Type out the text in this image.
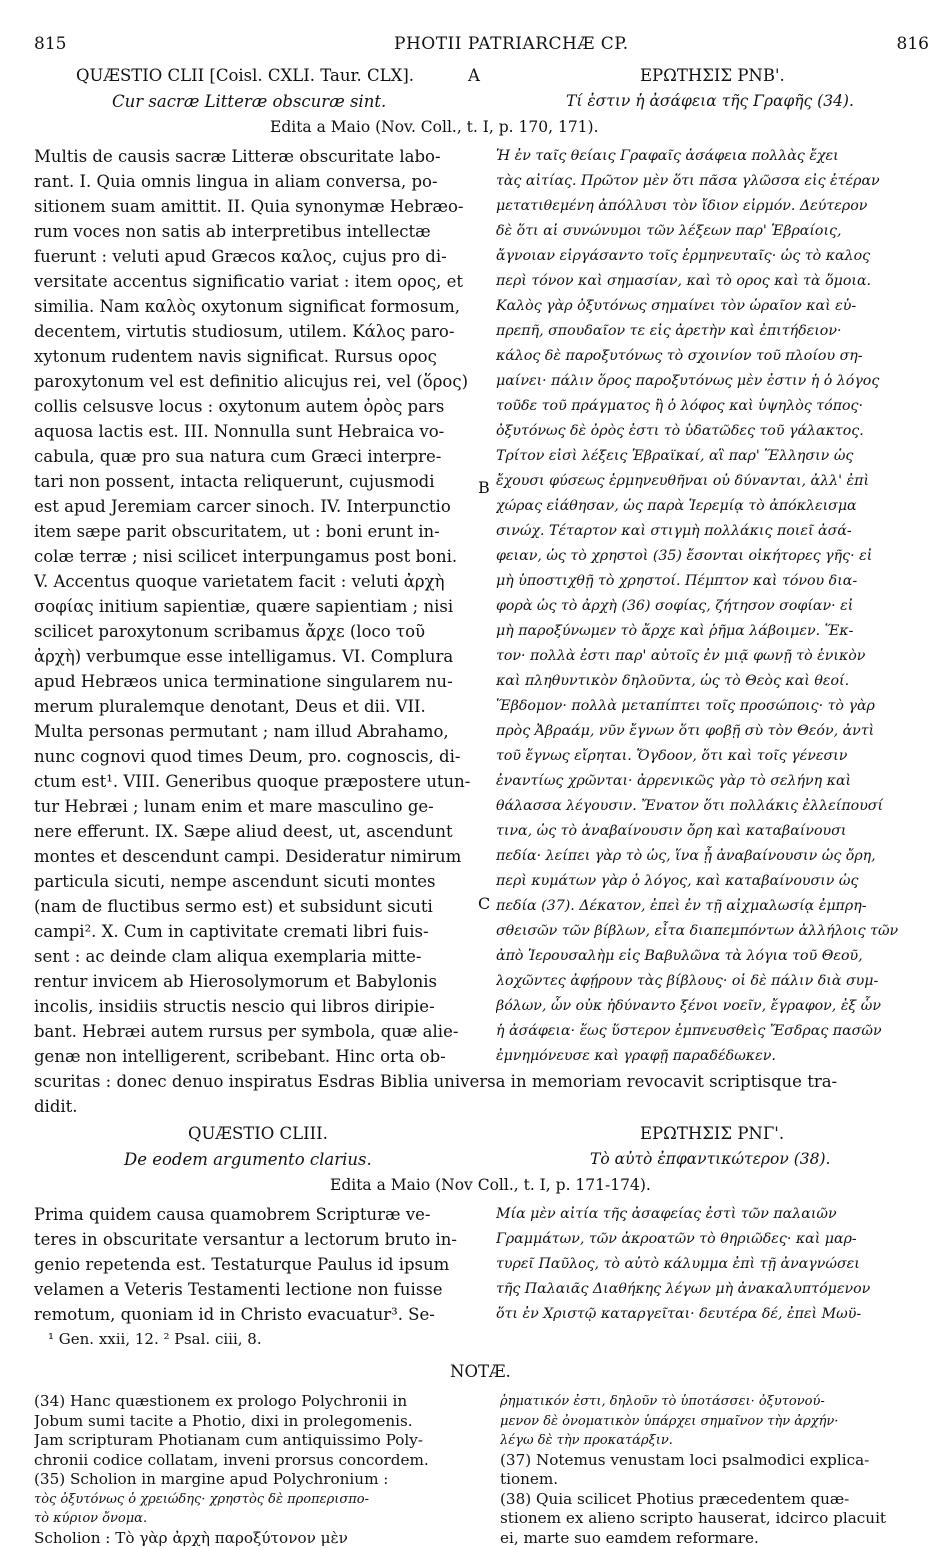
815	PHOTII PATRIARCHÆ CP.	816
QUÆSTIO CLII [Coisl. CXLI. Taur. CLX].	A	ΕΡΩΤΗΣΙΣ ΡΝΒ'.
Cur sacræ Litteræ obscuræ sint.	Τί ἐστιν ἡ ἀσάφεια τῆς Γραφῆς (34).
Edita a Maio (Nov. Coll., t. I, p. 170, 171).
Multis de causis sacræ Litteræ obscuritate labo-
rant. I. Quia omnis lingua in aliam conversa, po-
sitionem suam amittit. II. Quia synonymæ Hebræo-
rum voces non satis ab interpretibus intellectæ
fuerunt : veluti apud Græcos καλος, cujus pro di-
versitate accentus significatio variat : item ορος, et
similia. Nam καλὸς oxytonum significat formosum,
decentem, virtutis studiosum, utilem. Κάλος paro-
xytonum rudentem navis significat. Rursus ορος
paroxytonum vel est definitio alicujus rei, vel (ὅρος)
collis celsusve locus : oxytonum autem ὀρὸς pars
aquosa lactis est. III. Nonnulla sunt Hebraica vo-
cabula, quæ pro sua natura cum Græci interpre-
tari non possent, intacta reliquerunt, cujusmodi
est apud Jeremiam carcer sinoch. IV. Interpunctio
item sæpe parit obscuritatem, ut : boni erunt in-
colæ terræ ; nisi scilicet interpungamus post boni.
V. Accentus quoque varietatem facit : veluti ἀρχὴ
σοφίας initium sapientiæ, quære sapientiam ; nisi
scilicet paroxytonum scribamus ἄρχε (loco τοῦ
ἀρχὴ) verbumque esse intelligamus. VI. Complura
apud Hebræos unica terminatione singularem nu-
merum pluralemque denotant, Deus et dii. VII.
Multa personas permutant ; nam illud Abrahamo,
nunc cognovi quod times Deum, pro. cognoscis, di-
ctum est¹. VIII. Generibus quoque præpostere utun-
tur Hebræi ; lunam enim et mare masculino ge-
nere efferunt. IX. Sæpe aliud deest, ut, ascendunt
montes et descendunt campi. Desideratur nimirum
particula sicuti, nempe ascendunt sicuti montes
(nam de fluctibus sermo est) et subsidunt sicuti
campi². X. Cum in captivitate cremati libri fuis-
sent : ac deinde clam aliqua exemplaria mitte-
rentur invicem ab Hierosolymorum et Babylonis
incolis, insidiis structis nescio qui libros diripie-
bant. Hebræi autem rursus per symbola, quæ alie-
genæ non intelligerent, scribebant. Hinc orta ob-
Ἡ ἐν ταῖς θείαις Γραφαῖς ἀσάφεια πολλὰς ἔχει
τὰς αἰτίας. Πρῶτον μὲν ὅτι πᾶσα γλῶσσα εἰς ἑτέραν
μετατιθεμένη ἀπόλλυσι τὸν ἴδιον εἱρμόν. Δεύτερον
δὲ ὅτι αἱ συνώνυμοι τῶν λέξεων παρ' Ἑβραίοις,
ἄγνοιαν εἰργάσαντο τοῖς ἑρμηνευταῖς· ὡς τὸ καλος
περὶ τόνον καὶ σημασίαν, καὶ τὸ ορος καὶ τὰ ὅμοια.
Καλὸς γὰρ ὀξυτόνως σημαίνει τὸν ὡραῖον καὶ εὐ-
πρεπῆ, σπουδαῖον τε εἰς ἀρετὴν καὶ ἐπιτήδειον·
κάλος δὲ παροξυτόνως τὸ σχοινίον τοῦ πλοίου ση-
μαίνει· πάλιν ὅρος παροξυτόνως μὲν ἐστιν ἡ ὁ λόγος
τοῦδε τοῦ πράγματος ἢ ὁ λόφος καὶ ὑψηλὸς τόπος·
ὀξυτόνως δὲ ὀρὸς ἐστι τὸ ὑδατῶδες τοῦ γάλακτος.
Τρίτον εἰσὶ λέξεις Ἑβραϊκαί, αἳ παρ' Ἕλλησιν ὡς
ἔχουσι φύσεως ἑρμηνευθῆναι οὐ δύνανται, ἀλλ' ἐπὶ
χώρας εἰάθησαν, ὡς παρὰ Ἱερεμίᾳ τὸ ἀπόκλεισμα
σινώχ. Τέταρτον καὶ στιγμὴ πολλάκις ποιεῖ ἀσά-
φειαν, ὡς τὸ χρηστοὶ (35) ἔσονται οἰκήτορες γῆς· εἰ
μὴ ὑποστιχθῇ τὸ χρηστοί. Πέμπτον καὶ τόνου δια-
φορὰ ὡς τὸ ἀρχὴ (36) σοφίας, ζήτησον σοφίαν· εἰ
μὴ παροξύνωμεν τὸ ἄρχε καὶ ῥῆμα λάβοιμεν. Ἕκ-
τον· πολλὰ ἐστι παρ' αὐτοῖς ἐν μιᾷ φωνῇ τὸ ἑνικὸν
καὶ πληθυντικὸν δηλοῦντα, ὡς τὸ Θεὸς καὶ θεοί.
Ἕβδομον· πολλὰ μεταπίπτει τοῖς προσώποις· τὸ γὰρ
πρὸς Ἀβραάμ, νῦν ἔγνων ὅτι φοβῇ σὺ τὸν Θεόν, ἀντὶ
τοῦ ἔγνως εἴρηται. Ὄγδοον, ὅτι καὶ τοῖς γένεσιν
ἐναντίως χρῶνται· ἀρρενικῶς γὰρ τὸ σελήνη καὶ
θάλασσα λέγουσιν. Ἔνατον ὅτι πολλάκις ἐλλείπουσί
τινα, ὡς τὸ ἀναβαίνουσιν ὄρη καὶ καταβαίνουσι
πεδία· λείπει γὰρ τὸ ὡς, ἵνα ᾖ ἀναβαίνουσιν ὡς ὄρη,
περὶ κυμάτων γὰρ ὁ λόγος, καὶ καταβαίνουσιν ὡς
πεδία (37). Δέκατον, ἐπεὶ ἐν τῇ αἰχμαλωσίᾳ ἐμπρη-
σθεισῶν τῶν βίβλων, εἶτα διαπεμπόντων ἀλλήλοις τῶν
ἀπὸ Ἱερουσαλὴμ εἰς Βαβυλῶνα τὰ λόγια τοῦ Θεοῦ,
λοχῶντες ἀφῄρουν τὰς βίβλους· οἱ δὲ πάλιν διὰ συμ-
βόλων, ὧν οὐκ ἠδύναντο ξένοι νοεῖν, ἔγραφον, ἐξ ὧν
ἡ ἀσάφεια· ἕως ὕστερον ἐμπνευσθεὶς Ἔσδρας πασῶν
ἐμνημόνευσε καὶ γραφῇ παραδέδωκεν.
B
C
scuritas : donec denuo inspiratus Esdras Biblia universa in memoriam revocavit scriptisque tra-
didit.
QUÆSTIO CLIII.	ΕΡΩΤΗΣΙΣ ΡΝΓ'.
De eodem argumento clarius.	Τὸ αὐτὸ ἐπφαντικώτερον (38).
Edita a Maio (Nov Coll., t. I, p. 171-174).
Prima quidem causa quamobrem Scripturæ ve-
teres in obscuritate versantur a lectorum bruto in-
genio repetenda est. Testaturque Paulus id ipsum
velamen a Veteris Testamenti lectione non fuisse
remotum, quoniam id in Christo evacuatur³. Se-
Μία μὲν αἰτία τῆς ἀσαφείας ἐστὶ τῶν παλαιῶν
Γραμμάτων, τῶν ἀκροατῶν τὸ θηριῶδες· καὶ μαρ-
τυρεῖ Παῦλος, τὸ αὐτὸ κάλυμμα ἐπὶ τῇ ἀναγνώσει
τῆς Παλαιᾶς Διαθήκης λέγων μὴ ἀνακαλυπτόμενον
ὅτι ἐν Χριστῷ καταργεῖται· δευτέρα δέ, ἐπεὶ Μωϋ-
¹ Gen. xxii, 12. ² Psal. ciii, 8.
NOTÆ.
(34) Hanc quæstionem ex prologo Polychronii in
Jobum sumi tacite a Photio, dixi in prolegomenis.
Jam scripturam Photianam cum antiquissimo Poly-
chronii codice collatam, inveni prorsus concordem.
(35) Scholion in margine apud Polychronium :
τὸς ὀξυτόνως ὁ χρειώδης· χρηστὸς δὲ προπερισπο-
τὸ κύριον ὄνομα.
Scholion : Τὸ γὰρ ἀρχὴ παροξύτονον μὲν
ῥηματικόν ἐστι, δηλοῦν τὸ ὑποτάσσει· ὀξυτονού-
μενον δὲ ὀνοματικὸν ὑπάρχει σημαῖνον τὴν ἀρχήν·
λέγω δὲ τὴν προκατάρξιν.
(37) Notemus venustam loci psalmodici explica-
tionem.
(38) Quia scilicet Photius præcedentem quæ-
stionem ex alieno scripto hauserat, idcirco placuit
ei, marte suo eamdem reformare.
